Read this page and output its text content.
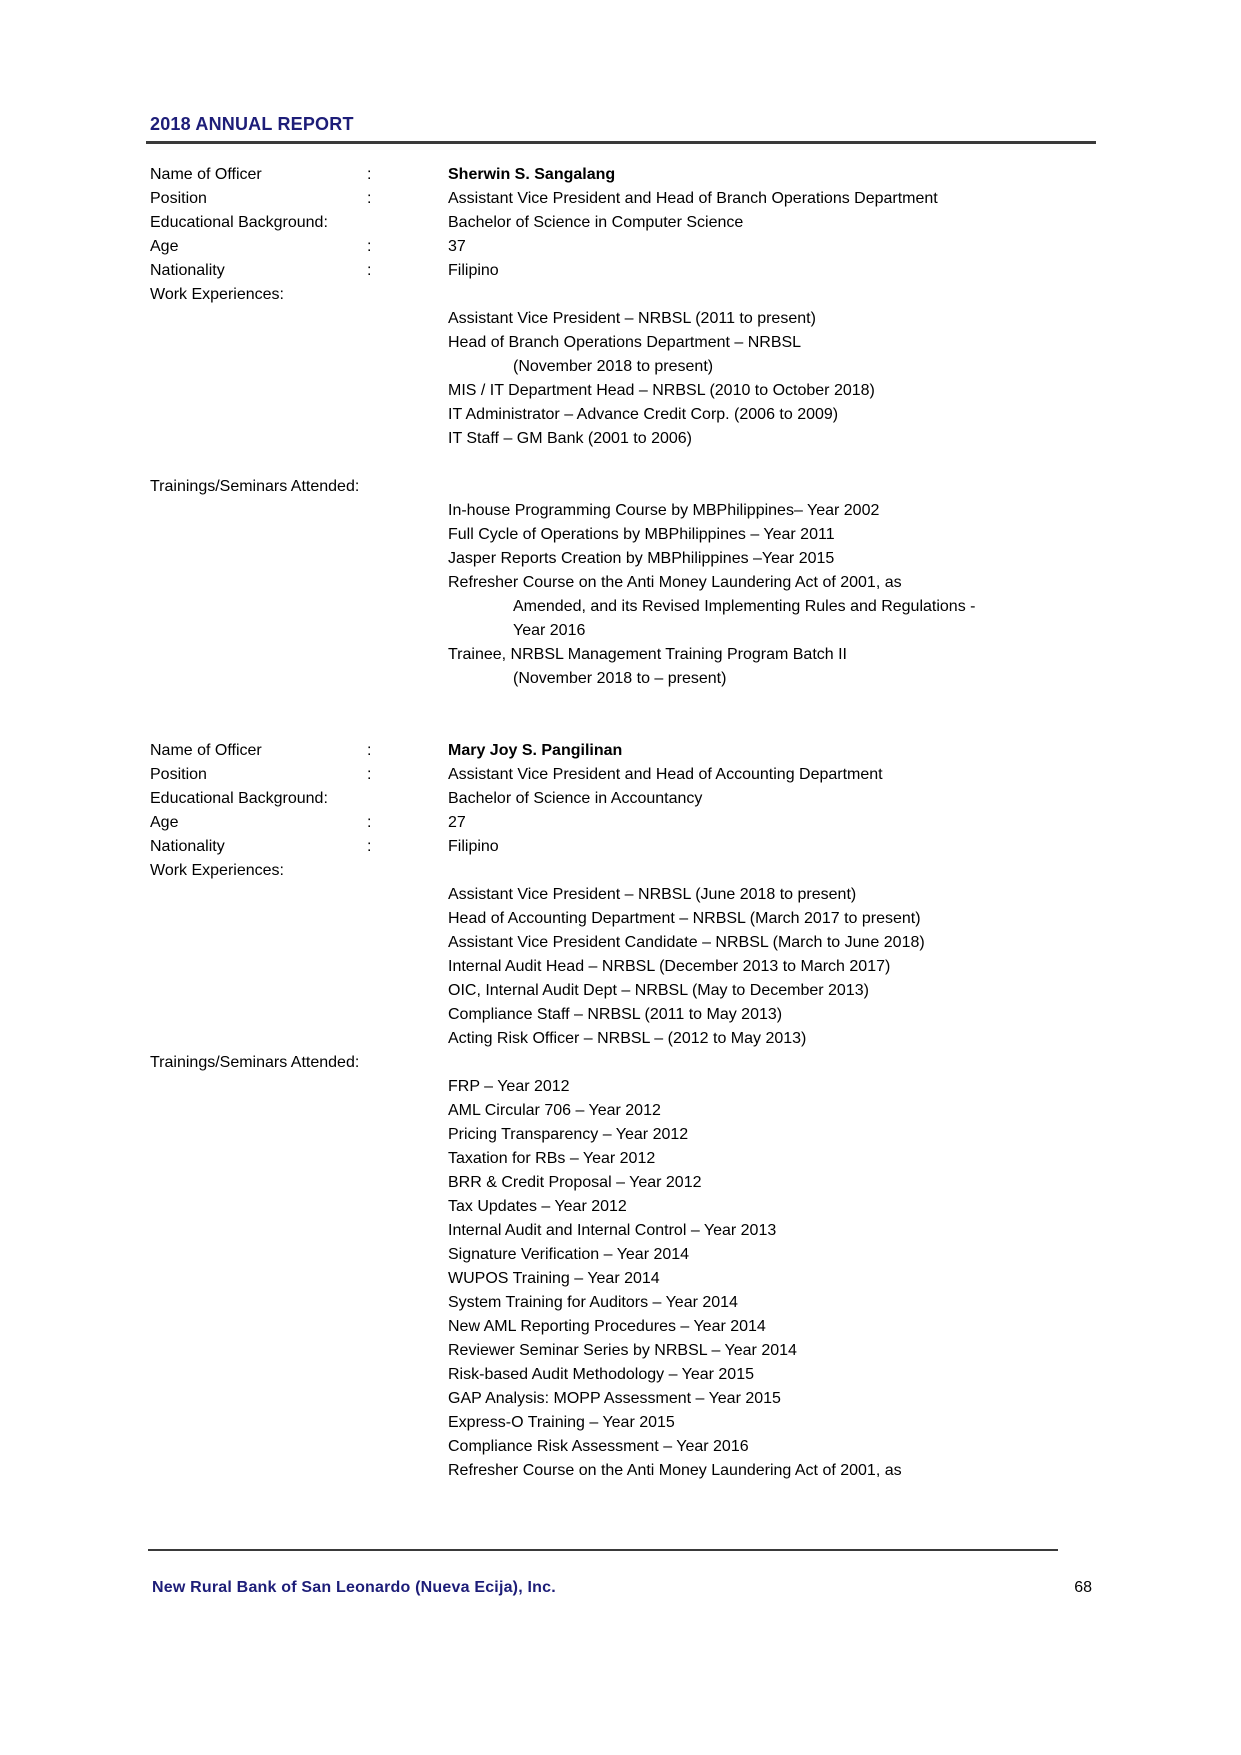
2018 ANNUAL REPORT
Name of Officer	:	Sherwin S. Sangalang
Position	:	Assistant Vice President and Head of Branch Operations Department
Educational Background:	Bachelor of Science in Computer Science
Age	:	37
Nationality	:	Filipino
Work Experiences:
Assistant Vice President – NRBSL (2011 to present)
Head of Branch Operations Department – NRBSL
(November 2018 to present)
MIS / IT Department Head – NRBSL (2010 to October 2018)
IT Administrator – Advance Credit Corp. (2006 to 2009)
IT Staff – GM Bank (2001 to 2006)
Trainings/Seminars Attended:
In-house Programming Course by MBPhilippines– Year 2002
Full Cycle of Operations by MBPhilippines – Year 2011
Jasper Reports Creation by MBPhilippines –Year 2015
Refresher Course on the Anti Money Laundering Act of 2001, as
Amended, and its Revised Implementing Rules and Regulations -
Year 2016
Trainee, NRBSL Management Training Program Batch II
(November 2018 to – present)
Name of Officer	:	Mary Joy S. Pangilinan
Position	:	Assistant Vice President and Head of Accounting Department
Educational Background:	Bachelor of Science in Accountancy
Age	:	27
Nationality	:	Filipino
Work Experiences:
Assistant Vice President – NRBSL (June 2018 to present)
Head of Accounting Department – NRBSL (March 2017 to present)
Assistant Vice President Candidate – NRBSL (March to June 2018)
Internal Audit Head – NRBSL (December 2013 to March 2017)
OIC, Internal Audit Dept – NRBSL (May to December 2013)
Compliance Staff – NRBSL (2011 to May 2013)
Acting Risk Officer – NRBSL – (2012 to May 2013)
Trainings/Seminars Attended:
FRP – Year 2012
AML Circular 706 – Year 2012
Pricing Transparency – Year 2012
Taxation for RBs – Year 2012
BRR & Credit Proposal – Year 2012
Tax Updates – Year 2012
Internal Audit and Internal Control – Year 2013
Signature Verification – Year 2014
WUPOS Training – Year 2014
System Training for Auditors – Year 2014
New AML Reporting Procedures – Year 2014
Reviewer Seminar Series by NRBSL – Year 2014
Risk-based Audit Methodology – Year 2015
GAP Analysis: MOPP Assessment – Year 2015
Express-O Training – Year 2015
Compliance Risk Assessment – Year 2016
Refresher Course on the Anti Money Laundering Act of 2001, as
New Rural Bank of San Leonardo (Nueva Ecija), Inc.	68
